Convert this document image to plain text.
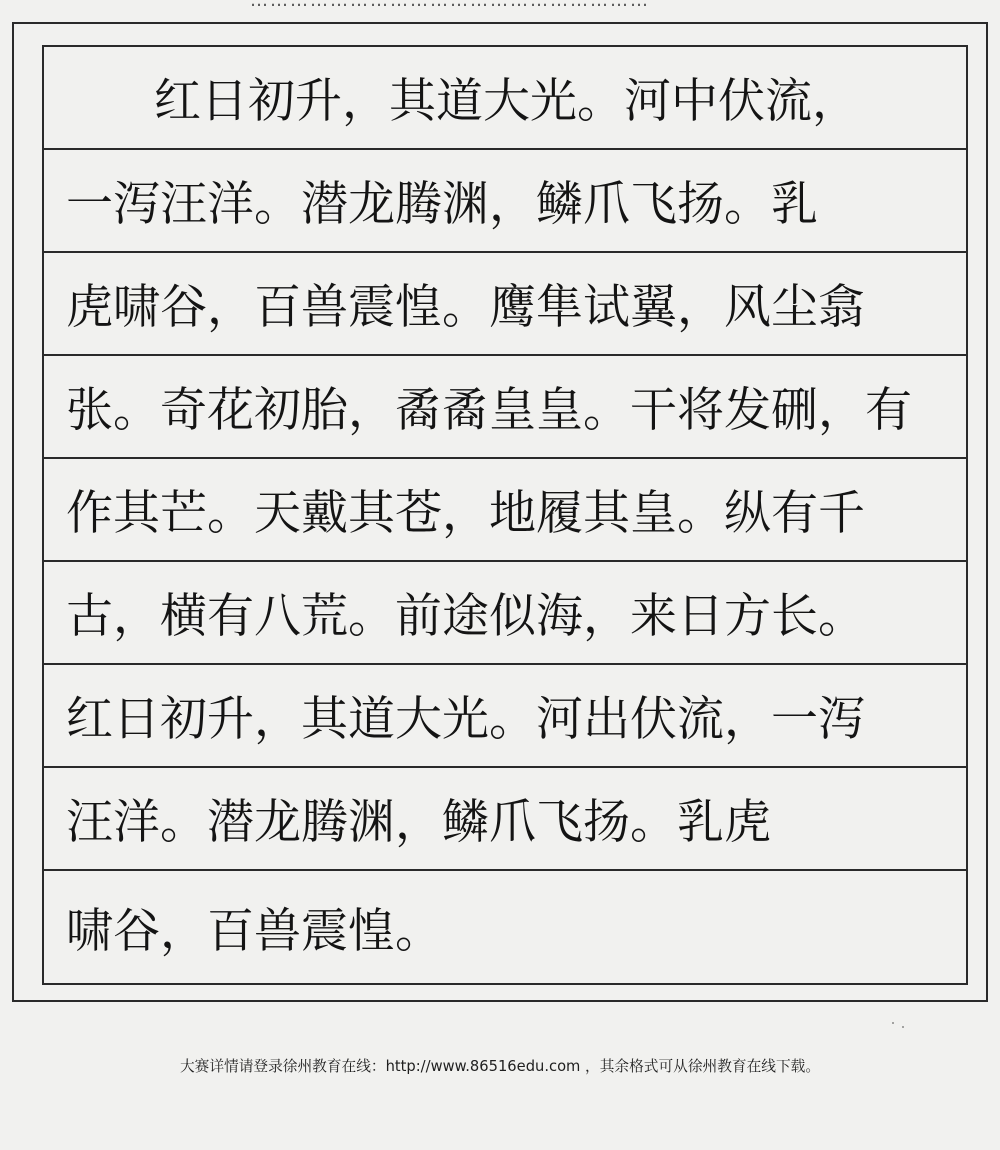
……………………………………………………
红日初升，其道大光。河中伏流，
一泻汪洋。潜龙腾渊，鳞爪飞扬。乳
虎啸谷，百兽震惶。鹰隼试翼，风尘翕
张。奇花初胎，矞矞皇皇。干将发硎，有
作其芒。天戴其苍，地履其皇。纵有千
古，横有八荒。前途似海，来日方长。
红日初升，其道大光。河出伏流，一泻
汪洋。潜龙腾渊，鳞爪飞扬。乳虎
啸谷，百兽震惶。
大赛详情请登录徐州教育在线：http://www.86516edu.com ，其余格式可从徐州教育在线下载。
